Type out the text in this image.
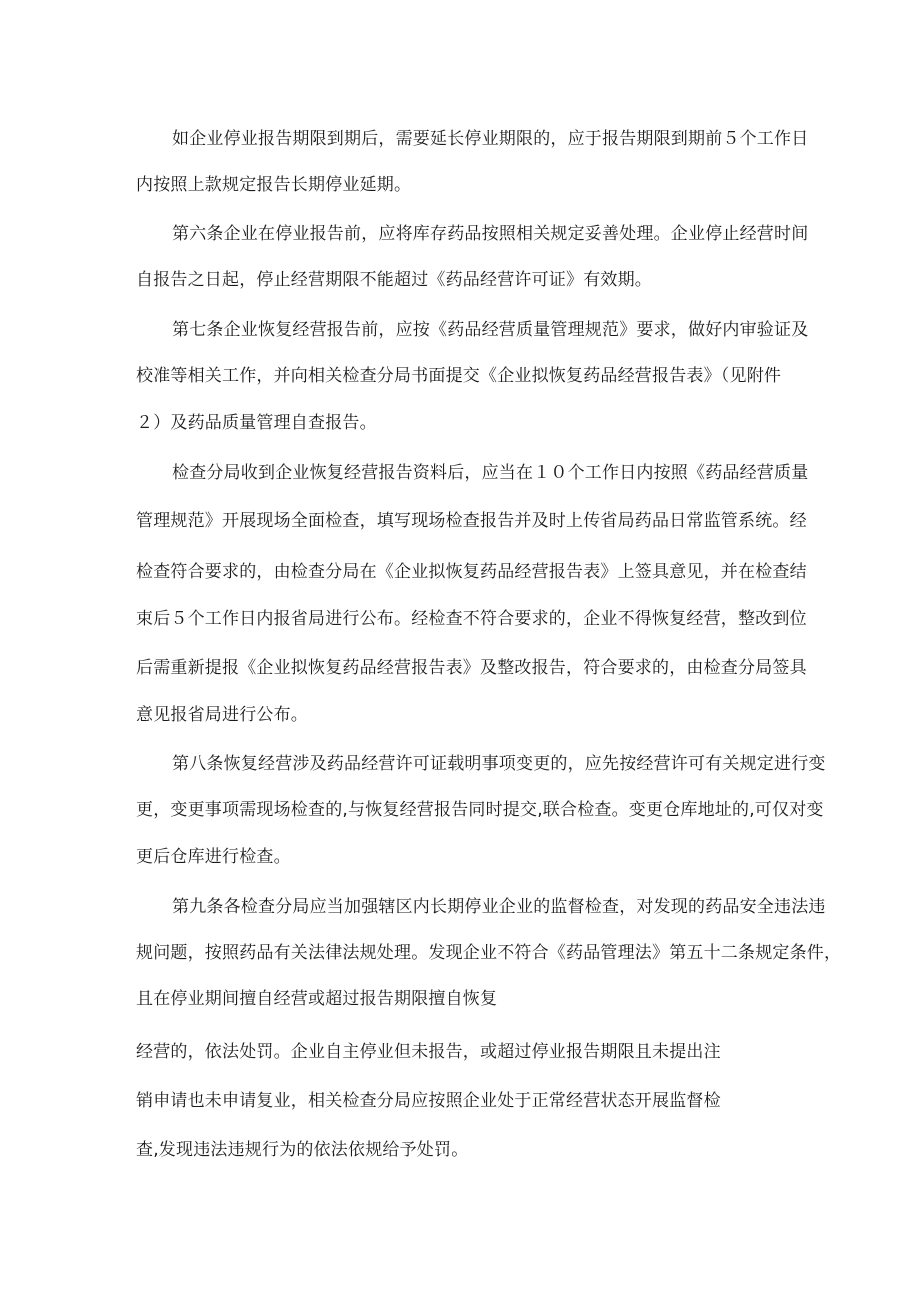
如企业停业报告期限到期后，需要延长停业期限的，应于报告期限到期前５个工作日

内按照上款规定报告长期停业延期。

第六条企业在停业报告前，应将库存药品按照相关规定妥善处理。企业停止经营时间

自报告之日起，停止经营期限不能超过《药品经营许可证》有效期。

第七条企业恢复经营报告前，应按《药品经营质量管理规范》要求，做好内审验证及

校准等相关工作，并向相关检查分局书面提交《企业拟恢复药品经营报告表》（见附件

２）及药品质量管理自查报告。

检查分局收到企业恢复经营报告资料后，应当在１０个工作日内按照《药品经营质量

管理规范》开展现场全面检查，填写现场检查报告并及时上传省局药品日常监管系统。经

检查符合要求的，由检查分局在《企业拟恢复药品经营报告表》上签具意见，并在检查结

束后５个工作日内报省局进行公布。经检查不符合要求的，企业不得恢复经营，整改到位

后需重新提报《企业拟恢复药品经营报告表》及整改报告，符合要求的，由检查分局签具

意见报省局进行公布。

第八条恢复经营涉及药品经营许可证载明事项变更的，应先按经营许可有关规定进行变

更，变更事项需现场检查的,与恢复经营报告同时提交,联合检查。变更仓库地址的,可仅对变

更后仓库进行检查。

第九条各检查分局应当加强辖区内长期停业企业的监督检查，对发现的药品安全违法违

规问题，按照药品有关法律法规处理。发现企业不符合《药品管理法》第五十二条规定条件，

且在停业期间擅自经营或超过报告期限擅自恢复

经营的，依法处罚。企业自主停业但未报告，或超过停业报告期限且未提出注

销申请也未申请复业，相关检查分局应按照企业处于正常经营状态开展监督检

查,发现违法违规行为的依法依规给予处罚。
